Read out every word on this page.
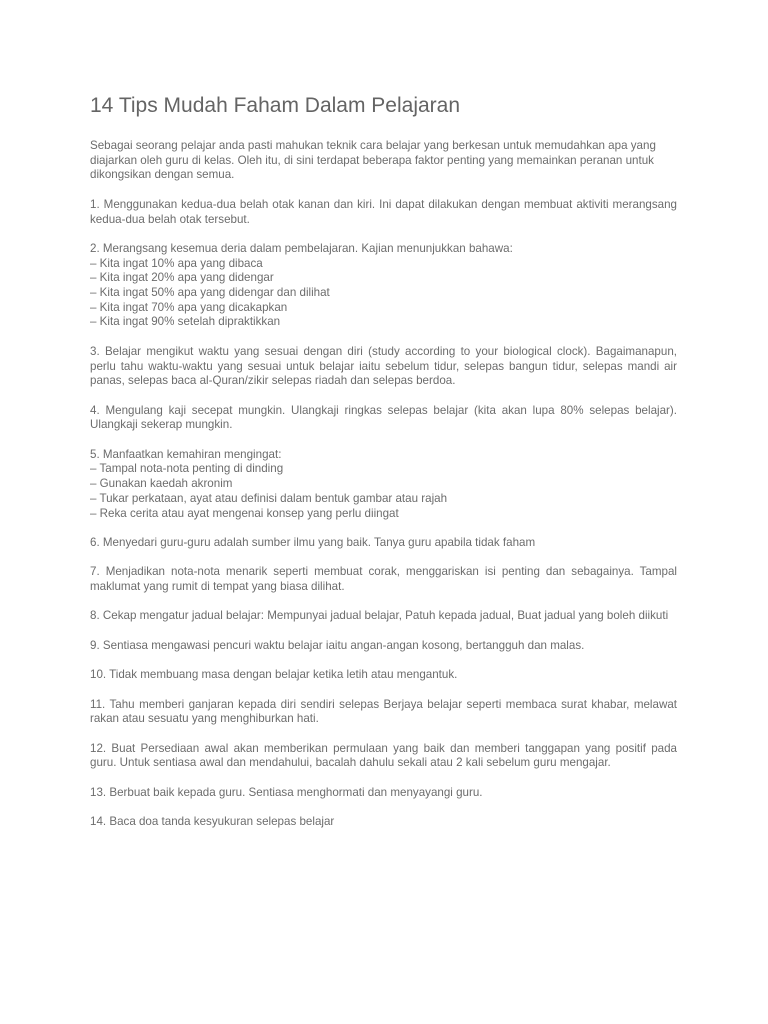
14 Tips Mudah Faham Dalam Pelajaran

Sebagai seorang pelajar anda pasti mahukan teknik cara belajar yang berkesan untuk memudahkan apa yang diajarkan oleh guru di kelas. Oleh itu, di sini terdapat beberapa faktor penting yang memainkan peranan untuk dikongsikan dengan semua.

1. Menggunakan kedua-dua belah otak kanan dan kiri. Ini dapat dilakukan dengan membuat aktiviti merangsang kedua-dua belah otak tersebut.

2. Merangsang kesemua deria dalam pembelajaran. Kajian menunjukkan bahawa:
– Kita ingat 10% apa yang dibaca
– Kita ingat 20% apa yang didengar
– Kita ingat 50% apa yang didengar dan dilihat
– Kita ingat 70% apa yang dicakapkan
– Kita ingat 90% setelah dipraktikkan

3. Belajar mengikut waktu yang sesuai dengan diri (study according to your biological clock). Bagaimanapun, perlu tahu waktu-waktu yang sesuai untuk belajar iaitu sebelum tidur, selepas bangun tidur, selepas mandi air panas, selepas baca al-Quran/zikir selepas riadah dan selepas berdoa.

4. Mengulang kaji secepat mungkin. Ulangkaji ringkas selepas belajar (kita akan lupa 80% selepas belajar). Ulangkaji sekerap mungkin.

5. Manfaatkan kemahiran mengingat:
– Tampal nota-nota penting di dinding
– Gunakan kaedah akronim
– Tukar perkataan, ayat atau definisi dalam bentuk gambar atau rajah
– Reka cerita atau ayat mengenai konsep yang perlu diingat

6. Menyedari guru-guru adalah sumber ilmu yang baik. Tanya guru apabila tidak faham

7. Menjadikan nota-nota menarik seperti membuat corak, menggariskan isi penting dan sebagainya. Tampal maklumat yang rumit di tempat yang biasa dilihat.

8. Cekap mengatur jadual belajar: Mempunyai jadual belajar, Patuh kepada jadual, Buat jadual yang boleh diikuti

9. Sentiasa mengawasi pencuri waktu belajar iaitu angan-angan kosong, bertangguh dan malas.

10. Tidak membuang masa dengan belajar ketika letih atau mengantuk.

11. Tahu memberi ganjaran kepada diri sendiri selepas Berjaya belajar seperti membaca surat khabar, melawat rakan atau sesuatu yang menghiburkan hati.

12. Buat Persediaan awal akan memberikan permulaan yang baik dan memberi tanggapan yang positif pada guru. Untuk sentiasa awal dan mendahului, bacalah dahulu sekali atau 2 kali sebelum guru mengajar.

13. Berbuat baik kepada guru. Sentiasa menghormati dan menyayangi guru.

14. Baca doa tanda kesyukuran selepas belajar
